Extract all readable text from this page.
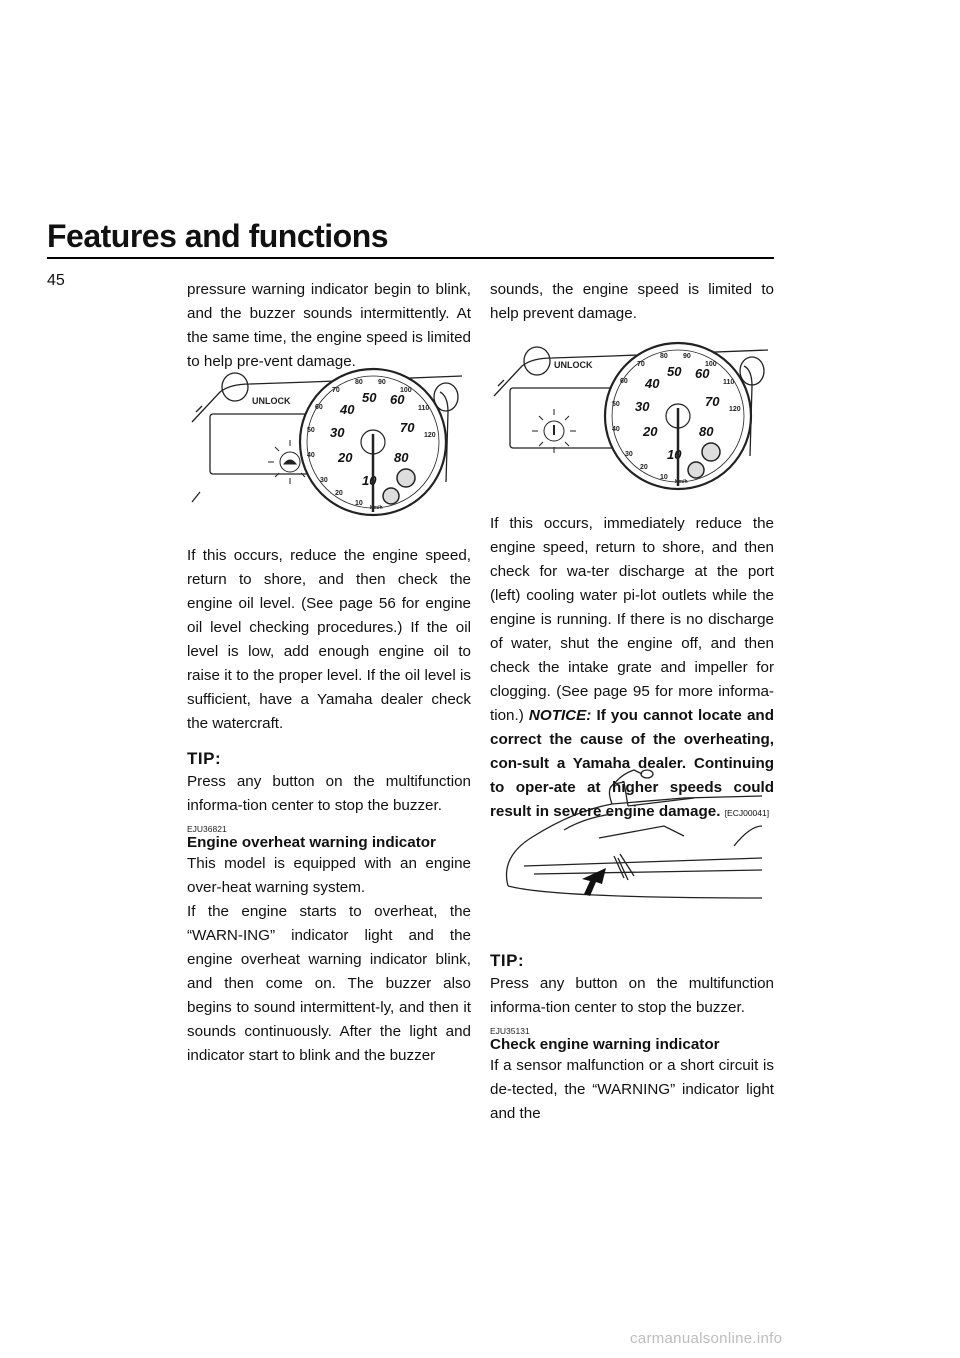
Features and functions
45

pressure warning indicator begin to blink, and the buzzer sounds intermittently. At the same time, the engine speed is limited to help pre-vent damage.

UNLOCK
30
40
50
60
70
80 90
100
110
120
20
10
Km/h
10
20
30
40
50 60
70
80

If this occurs, reduce the engine speed, return to shore, and then check the engine oil level. (See page 56 for engine oil level checking procedures.) If the oil level is low, add enough engine oil to raise it to the proper level. If the oil level is sufficient, have a Yamaha dealer check the watercraft.

TIP:

Press any button on the multifunction informa-tion center to stop the buzzer.

EJU36821
Engine overheat warning indicator

This model is equipped with an engine over-heat warning system.

If the engine starts to overheat, the “WARN-ING” indicator light and the engine overheat warning indicator blink, and then come on. The buzzer also begins to sound intermittent-ly, and then it sounds continuously. After the light and indicator start to blink and the buzzer

sounds, the engine speed is limited to help prevent damage.

UNLOCK
30
40
50
60
70
80 90
100
110
120
20
10
Km/h
10
20
30
40
50 60
70
80

If this occurs, immediately reduce the engine speed, return to shore, and then check for wa-ter discharge at the port (left) cooling water pi-lot outlets while the engine is running. If there is no discharge of water, shut the engine off, and then check the intake grate and impeller for clogging. (See page 95 for more informa-tion.) NOTICE: If you cannot locate and correct the cause of the overheating, con-sult a Yamaha dealer. Continuing to oper-ate at higher speeds could result in severe engine damage. [ECJ00041]

TIP:

Press any button on the multifunction informa-tion center to stop the buzzer.

EJU35131
Check engine warning indicator

If a sensor malfunction or a short circuit is de-tected, the “WARNING” indicator light and the

carmanualsonline.info
